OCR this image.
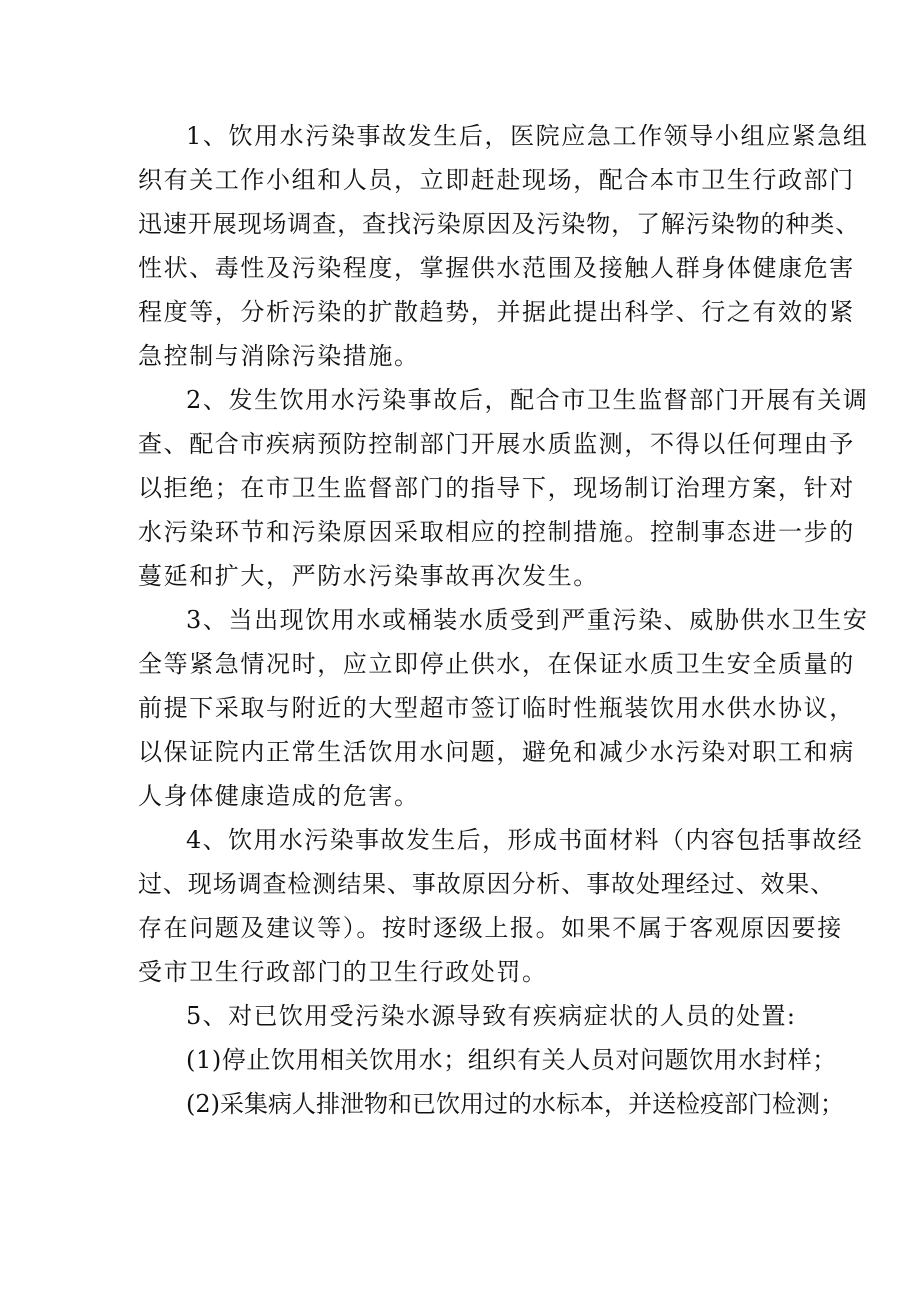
1、饮用水污染事故发生后，医院应急工作领导小组应紧急组
织有关工作小组和人员，立即赶赴现场，配合本市卫生行政部门
迅速开展现场调查，查找污染原因及污染物，了解污染物的种类、
性状、毒性及污染程度，掌握供水范围及接触人群身体健康危害
程度等，分析污染的扩散趋势，并据此提出科学、行之有效的紧
急控制与消除污染措施。
2、发生饮用水污染事故后，配合市卫生监督部门开展有关调
查、配合市疾病预防控制部门开展水质监测，不得以任何理由予
以拒绝；在市卫生监督部门的指导下，现场制订治理方案，针对
水污染环节和污染原因采取相应的控制措施。控制事态进一步的
蔓延和扩大，严防水污染事故再次发生。
3、当出现饮用水或桶装水质受到严重污染、威胁供水卫生安
全等紧急情况时，应立即停止供水，在保证水质卫生安全质量的
前提下采取与附近的大型超市签订临时性瓶装饮用水供水协议，
以保证院内正常生活饮用水问题，避免和减少水污染对职工和病
人身体健康造成的危害。
4、饮用水污染事故发生后，形成书面材料（内容包括事故经
过、现场调查检测结果、事故原因分析、事故处理经过、效果、
存在问题及建议等）。按时逐级上报。如果不属于客观原因要接
受市卫生行政部门的卫生行政处罚。
5、对已饮用受污染水源导致有疾病症状的人员的处置:
(1)停止饮用相关饮用水；组织有关人员对问题饮用水封样；
(2)采集病人排泄物和已饮用过的水标本，并送检疫部门检测；
